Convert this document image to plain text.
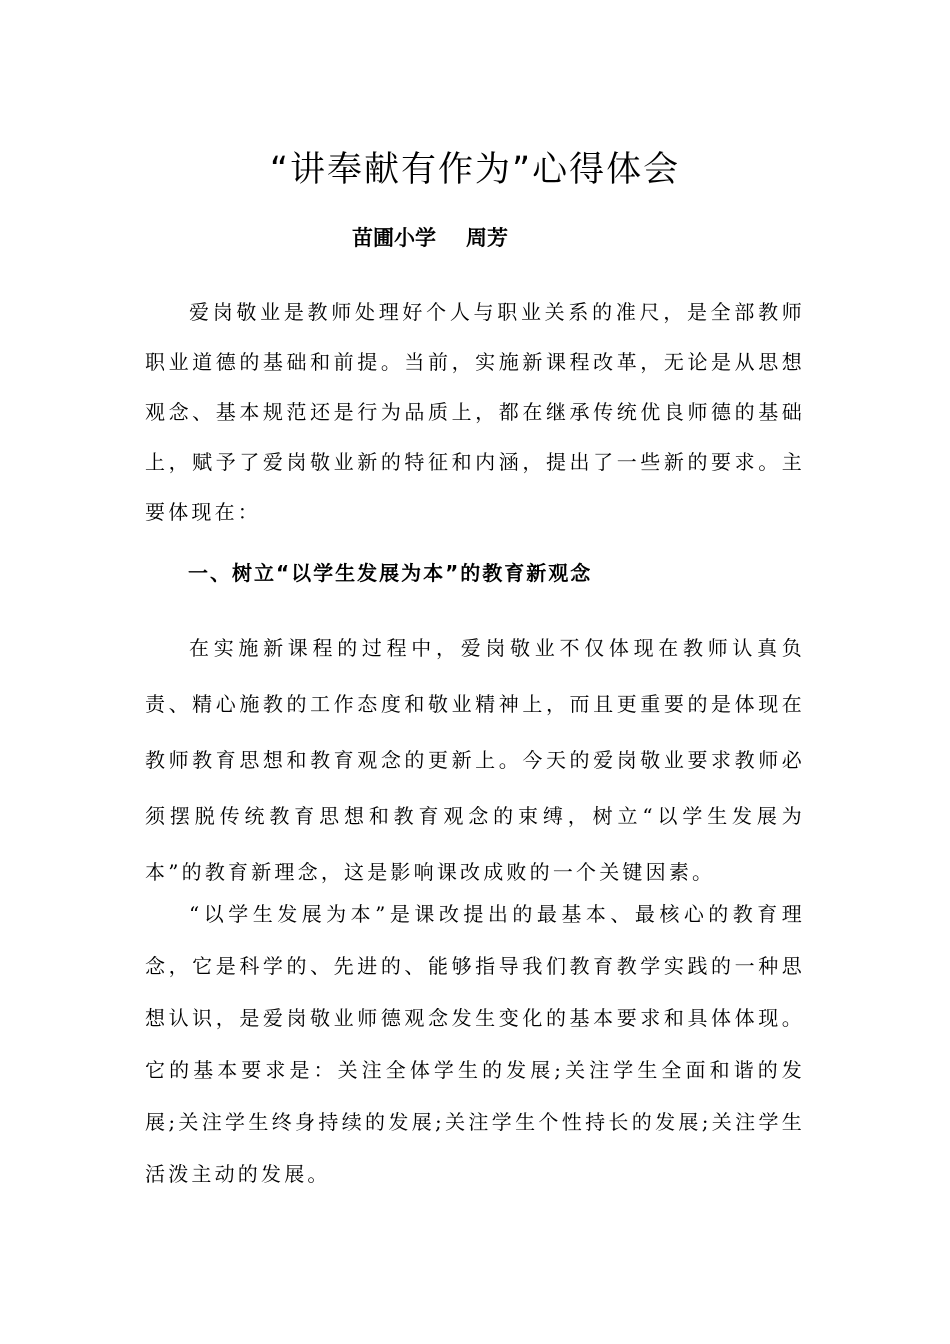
“讲奉献有作为”心得体会
苗圃小学 周芳

爱岗敬业是教师处理好个人与职业关系的准尺，是全部教师职业道德的基础和前提。当前，实施新课程改革，无论是从思想观念、基本规范还是行为品质上，都在继承传统优良师德的基础上，赋予了爱岗敬业新的特征和内涵，提出了一些新的要求。主要体现在：

一、树立“以学生发展为本”的教育新观念

在实施新课程的过程中，爱岗敬业不仅体现在教师认真负责、精心施教的工作态度和敬业精神上，而且更重要的是体现在教师教育思想和教育观念的更新上。今天的爱岗敬业要求教师必须摆脱传统教育思想和教育观念的束缚，树立“以学生发展为本”的教育新理念，这是影响课改成败的一个关键因素。

“以学生发展为本”是课改提出的最基本、最核心的教育理念，它是科学的、先进的、能够指导我们教育教学实践的一种思想认识，是爱岗敬业师德观念发生变化的基本要求和具体体现。它的基本要求是：关注全体学生的发展;关注学生全面和谐的发展;关注学生终身持续的发展;关注学生个性持长的发展;关注学生活泼主动的发展。
